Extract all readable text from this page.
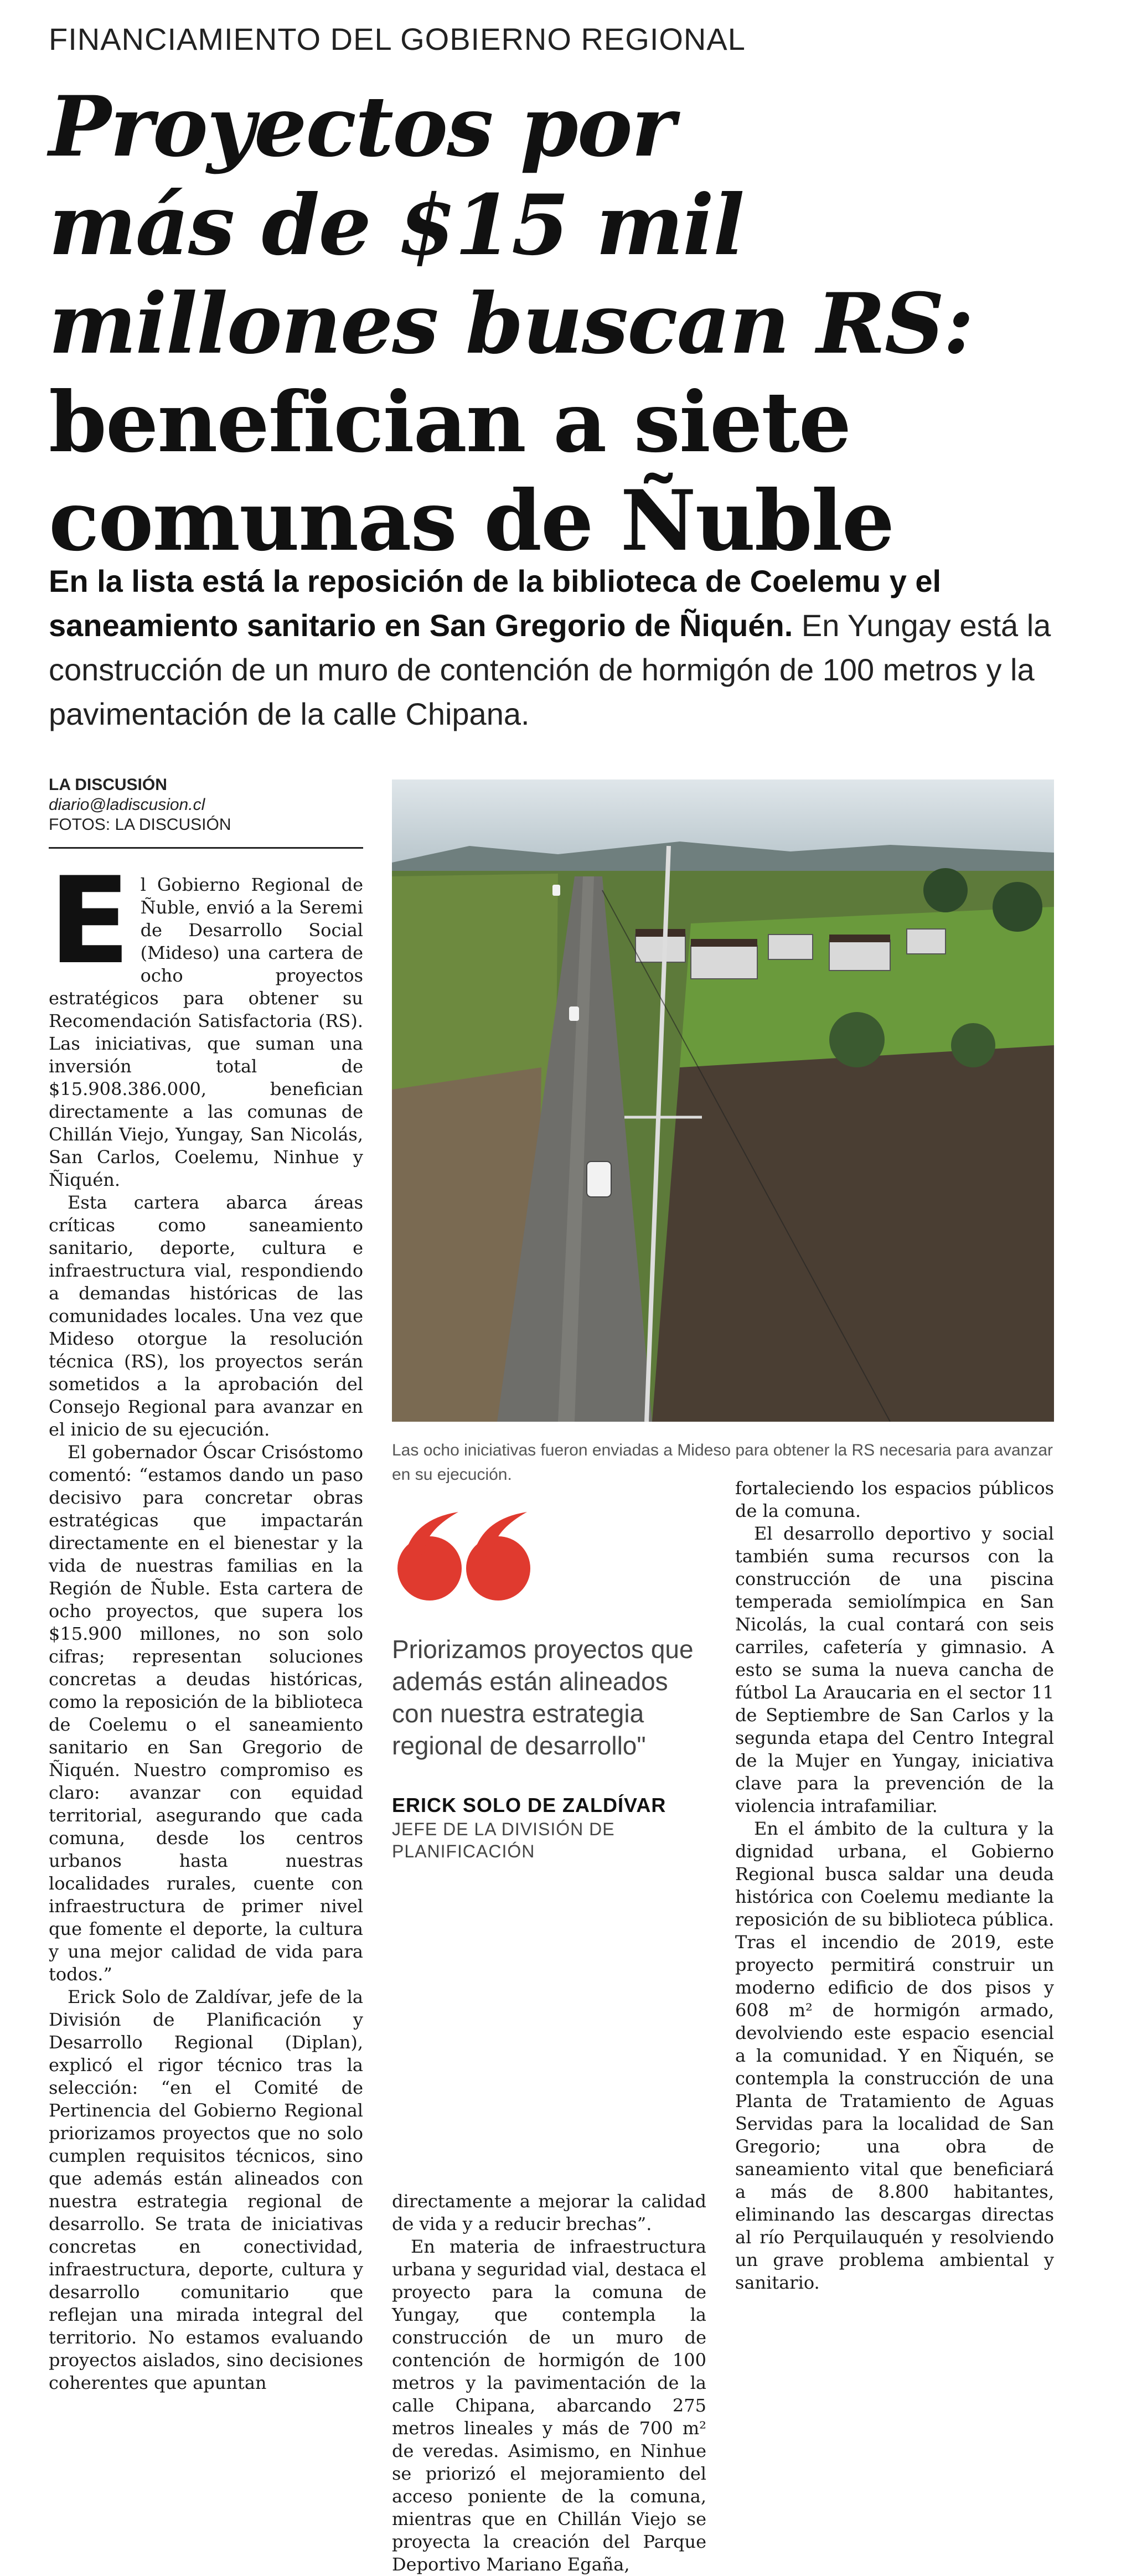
FINANCIAMIENTO DEL GOBIERNO REGIONAL
Proyectos por
más de $15 mil
millones buscan RS:
benefician a siete
comunas de Ñuble
En la lista está la reposición de la biblioteca de Coelemu y el saneamiento sanitario en San Gregorio de Ñiquén. En Yungay está la construcción de un muro de contención de hormigón de 100 metros y la pavimentación de la calle Chipana.
LA DISCUSIÓN
diario@ladiscusion.cl
FOTOS: LA DISCUSIÓN

El Gobierno Regional de Ñuble, envió a la Seremi de Desarrollo Social (Mideso) una cartera de ocho proyectos estratégicos para obtener su Recomendación Satisfactoria (RS). Las iniciativas, que suman una inversión total de $15.908.386.000, benefician directamente a las comunas de Chillán Viejo, Yungay, San Nicolás, San Carlos, Coelemu, Ninhue y Ñiquén.

Esta cartera abarca áreas críticas como saneamiento sanitario, deporte, cultura e infraestructura vial, respondiendo a demandas históricas de las comunidades locales. Una vez que Mideso otorgue la resolución técnica (RS), los proyectos serán sometidos a la aprobación del Consejo Regional para avanzar en el inicio de su ejecución.

El gobernador Óscar Crisóstomo comentó: “estamos dando un paso decisivo para concretar obras estratégicas que impactarán directamente en el bienestar y la vida de nuestras familias en la Región de Ñuble. Esta cartera de ocho proyectos, que supera los $15.900 millones, no son solo cifras; representan soluciones concretas a deudas históricas, como la reposición de la biblioteca de Coelemu o el saneamiento sanitario en San Gregorio de Ñiquén. Nuestro compromiso es claro: avanzar con equidad territorial, asegurando que cada comuna, desde los centros urbanos hasta nuestras localidades rurales, cuente con infraestructura de primer nivel que fomente el deporte, la cultura y una mejor calidad de vida para todos.”

Erick Solo de Zaldívar, jefe de la División de Planificación y Desarrollo Regional (Diplan), explicó el rigor técnico tras la selección: “en el Comité de Pertinencia del Gobierno Regional priorizamos proyectos que no solo cumplen requisitos técnicos, sino que además están alineados con nuestra estrategia regional de desarrollo. Se trata de iniciativas concretas en conectividad, infraestructura, deporte, cultura y desarrollo comunitario que reflejan una mirada integral del territorio. No estamos evaluando proyectos aislados, sino decisiones coherentes que apuntan

Las ocho iniciativas fueron enviadas a Mideso para obtener la RS necesaria para avanzar en su ejecución.
Priorizamos proyectos que además están alineados con nuestra estrategia regional de desarrollo"
ERICK SOLO DE ZALDÍVAR
JEFE DE LA DIVISIÓN DE PLANIFICACIÓN

directamente a mejorar la calidad de vida y a reducir brechas”.

En materia de infraestructura urbana y seguridad vial, destaca el proyecto para la comuna de Yungay, que contempla la construcción de un muro de contención de hormigón de 100 metros y la pavimentación de la calle Chipana, abarcando 275 metros lineales y más de 700 m² de veredas. Asimismo, en Ninhue se priorizó el mejoramiento del acceso poniente de la comuna, mientras que en Chillán Viejo se proyecta la creación del Parque Deportivo Mariano Egaña,

fortaleciendo los espacios públicos de la comuna.

El desarrollo deportivo y social también suma recursos con la construcción de una piscina temperada semiolímpica en San Nicolás, la cual contará con seis carriles, cafetería y gimnasio. A esto se suma la nueva cancha de fútbol La Araucaria en el sector 11 de Septiembre de San Carlos y la segunda etapa del Centro Integral de la Mujer en Yungay, iniciativa clave para la prevención de la violencia intrafamiliar.

En el ámbito de la cultura y la dignidad urbana, el Gobierno Regional busca saldar una deuda histórica con Coelemu mediante la reposición de su biblioteca pública. Tras el incendio de 2019, este proyecto permitirá construir un moderno edificio de dos pisos y 608 m² de hormigón armado, devolviendo este espacio esencial a la comunidad. Y en Ñiquén, se contempla la construcción de una Planta de Tratamiento de Aguas Servidas para la localidad de San Gregorio; una obra de saneamiento vital que beneficiará a más de 8.800 habitantes, eliminando las descargas directas al río Perquilauquén y resolviendo un grave problema ambiental y sanitario.
